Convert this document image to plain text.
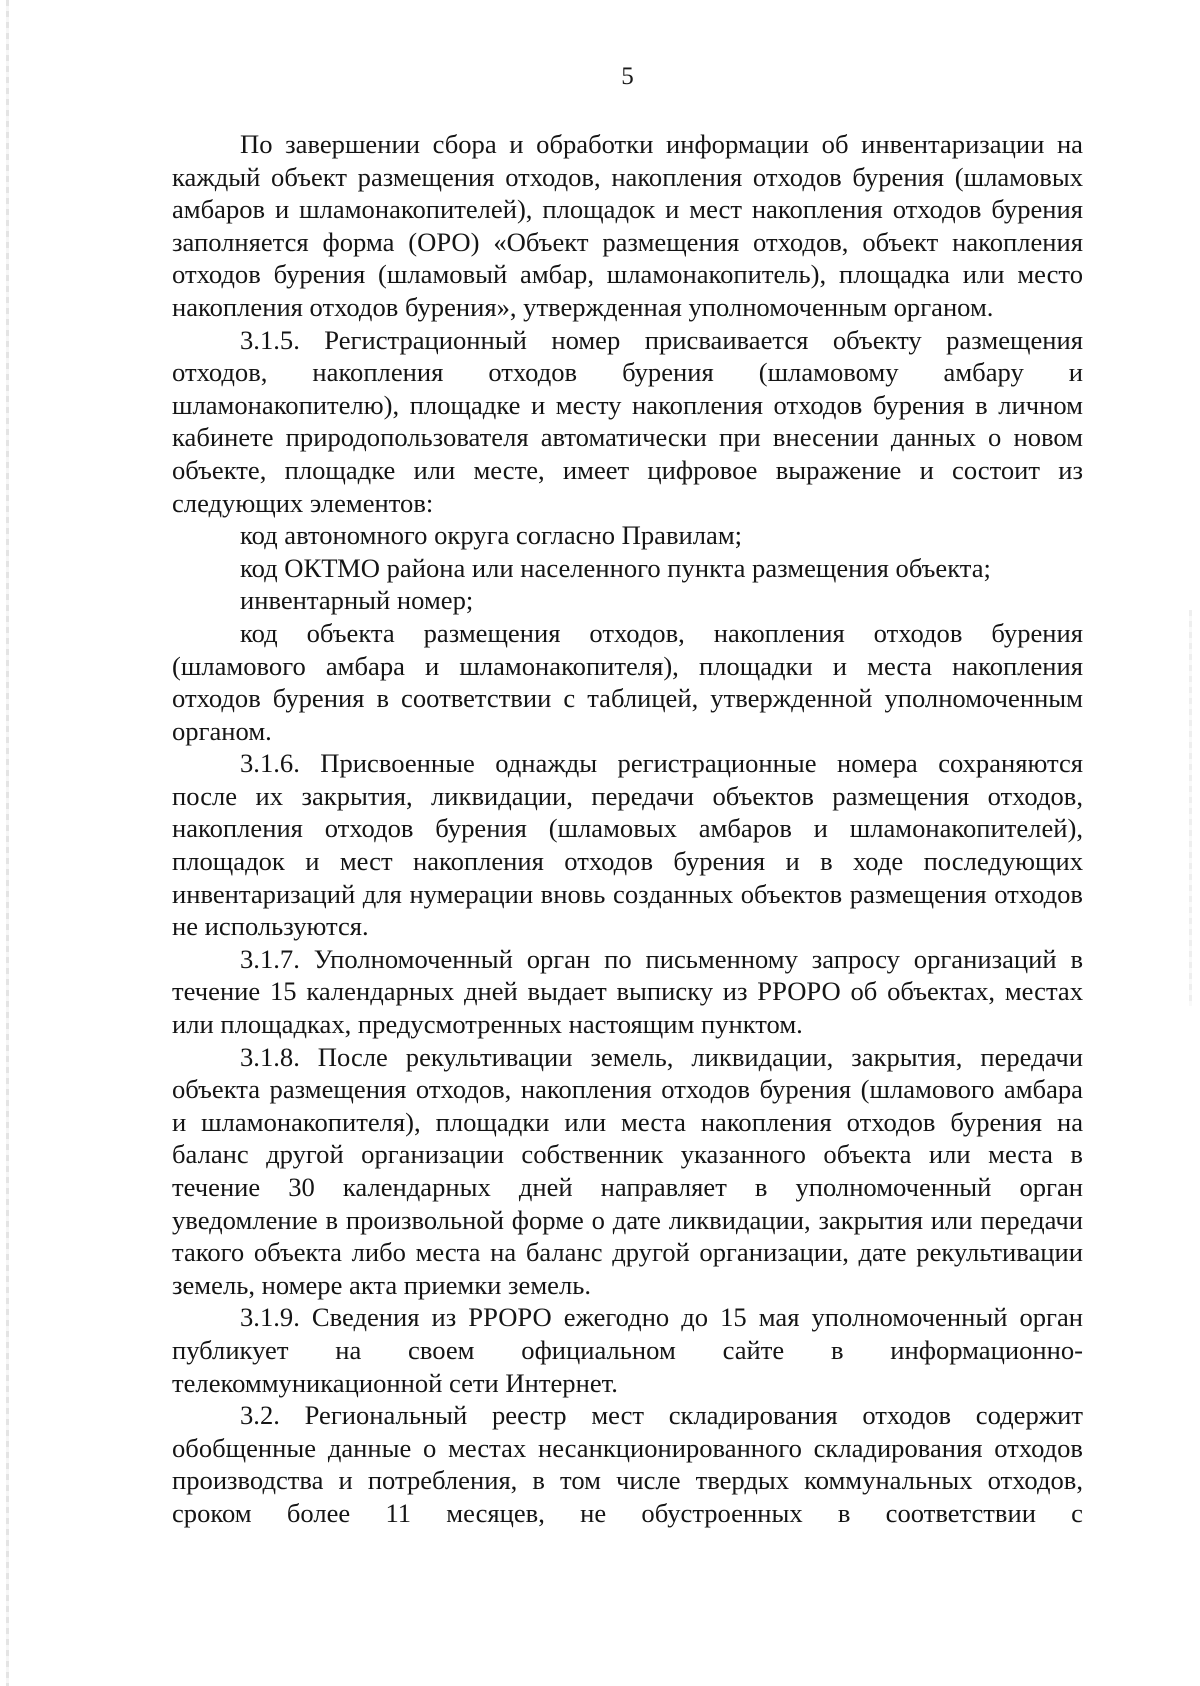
5

По завершении сбора и обработки информации об инвентаризации на каждый объект размещения отходов, накопления отходов бурения (шламовых амбаров и шламонакопителей), площадок и мест накопления отходов бурения заполняется форма (ОРО) «Объект размещения отходов, объект накопления отходов бурения (шламовый амбар, шламонакопитель), площадка или место накопления отходов бурения», утвержденная уполномоченным органом.

3.1.5. Регистрационный номер присваивается объекту размещения отходов, накопления отходов бурения (шламовому амбару и шламонакопителю), площадке и месту накопления отходов бурения в личном кабинете природопользователя автоматически при внесении данных о новом объекте, площадке или месте, имеет цифровое выражение и состоит из следующих элементов:

код автономного округа согласно Правилам;

код ОКТМО района или населенного пункта размещения объекта;

инвентарный номер;

код объекта размещения отходов, накопления отходов бурения (шламового амбара и шламонакопителя), площадки и места накопления отходов бурения в соответствии с таблицей, утвержденной уполномоченным органом.

3.1.6. Присвоенные однажды регистрационные номера сохраняются после их закрытия, ликвидации, передачи объектов размещения отходов, накопления отходов бурения (шламовых амбаров и шламонакопителей), площадок и мест накопления отходов бурения и в ходе последующих инвентаризаций для нумерации вновь созданных объектов размещения отходов не используются.

3.1.7. Уполномоченный орган по письменному запросу организаций в течение 15 календарных дней выдает выписку из РРОРО об объектах, местах или площадках, предусмотренных настоящим пунктом.

3.1.8. После рекультивации земель, ликвидации, закрытия, передачи объекта размещения отходов, накопления отходов бурения (шламового амбара и шламонакопителя), площадки или места накопления отходов бурения на баланс другой организации собственник указанного объекта или места в течение 30 календарных дней направляет в уполномоченный орган уведомление в произвольной форме о дате ликвидации, закрытия или передачи такого объекта либо места на баланс другой организации, дате рекультивации земель, номере акта приемки земель.

3.1.9. Сведения из РРОРО ежегодно до 15 мая уполномоченный орган публикует на своем официальном сайте в информационно-телекоммуникационной сети Интернет.

3.2. Региональный реестр мест складирования отходов содержит обобщенные данные о местах несанкционированного складирования отходов производства и потребления, в том числе твердых коммунальных отходов, сроком более 11 месяцев, не обустроенных в соответствии с
